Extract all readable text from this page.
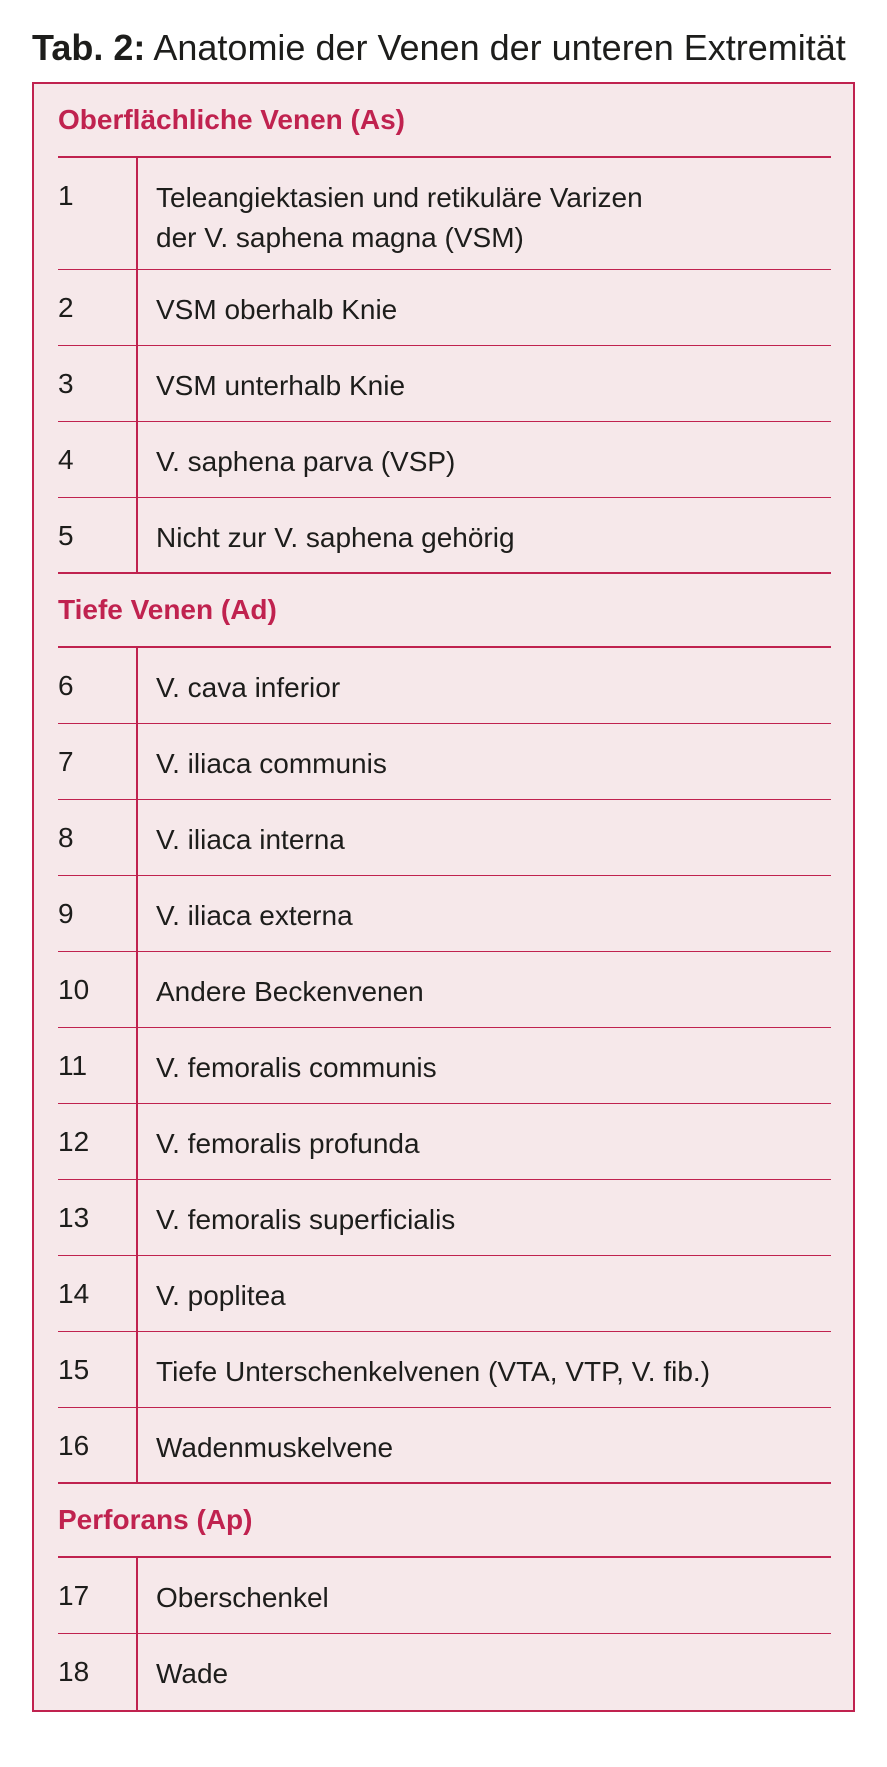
Tab. 2: Anatomie der Venen der unteren Extremität
Oberflächliche Venen (As)
1	Teleangiektasien und retikuläre Varizen
der V. saphena magna (VSM)
2	VSM oberhalb Knie
3	VSM unterhalb Knie
4	V. saphena parva (VSP)
5	Nicht zur V. saphena gehörig
Tiefe Venen (Ad)
6	V. cava inferior
7	V. iliaca communis
8	V. iliaca interna
9	V. iliaca externa
10	Andere Beckenvenen
11	V. femoralis communis
12	V. femoralis profunda
13	V. femoralis superficialis
14	V. poplitea
15	Tiefe Unterschenkelvenen (VTA, VTP, V. fib.)
16	Wadenmuskelvene
Perforans (Ap)
17	Oberschenkel
18	Wade
